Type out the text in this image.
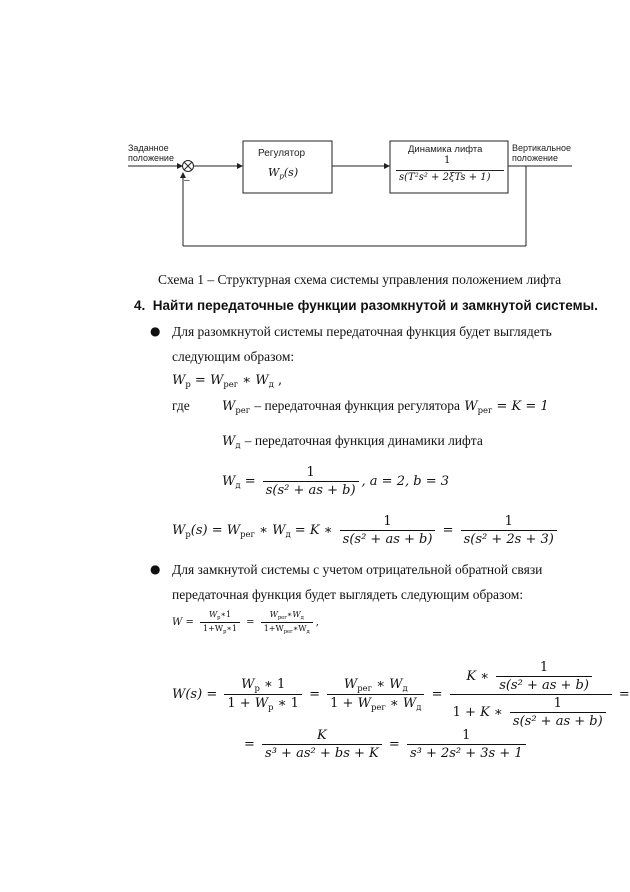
Заданное
положение
–
Регулятор
$W_р(s)$
Динамика лифта
1
s(T²s² + 2ξTs + 1)
Вертикальное
положение
Схема 1 – Структурная схема системы управления положением лифта
4. Найти передаточные функции разомкнутой и замкнутой системы.
● Для разомкнутой системы передаточная функция будет выглядеть
следующим образом:
$W_р = W_{рег}$ ∗ $W_д$ ,
где $W_{рег}$ – передаточная функция регулятора $W_{рег} = K = 1$
$W_д$ – передаточная функция динамики лифта
$W_д = \frac{1}{\text{s(s² + as + b)}}$ , a = 2, b = 3
$W_р(s) = W_{рег}$ ∗ $W_д = K$ ∗ $\frac{1}{\text{s(s² + as + b)}} = \frac{1}{\text{s(s² + 2s + 3)}}$
● Для замкнутой системы с учетом отрицательной обратной связи
передаточная функция будет выглядеть следующим образом:
$W = \frac{W_р∗1}{1+W_р∗1} = \frac{W_{рег}∗W_д}{1+W_{рег}∗W_д}$ ,
$W(s) = \frac{W_р ∗ 1}{1 + W_р ∗ 1} = \frac{W_{рег} ∗ W_д}{1 + W_{рег} ∗ W_д} = \frac{K ∗ \frac{1}{\text{s(s² + as + b)}}}{1 + K ∗ \frac{1}{\text{s(s² + as + b)}}}$ =
= $\frac{K}{\text{s³ + as² + bs + K}} = \frac{1}{\text{s³ + 2s² + 3s + 1}}$
